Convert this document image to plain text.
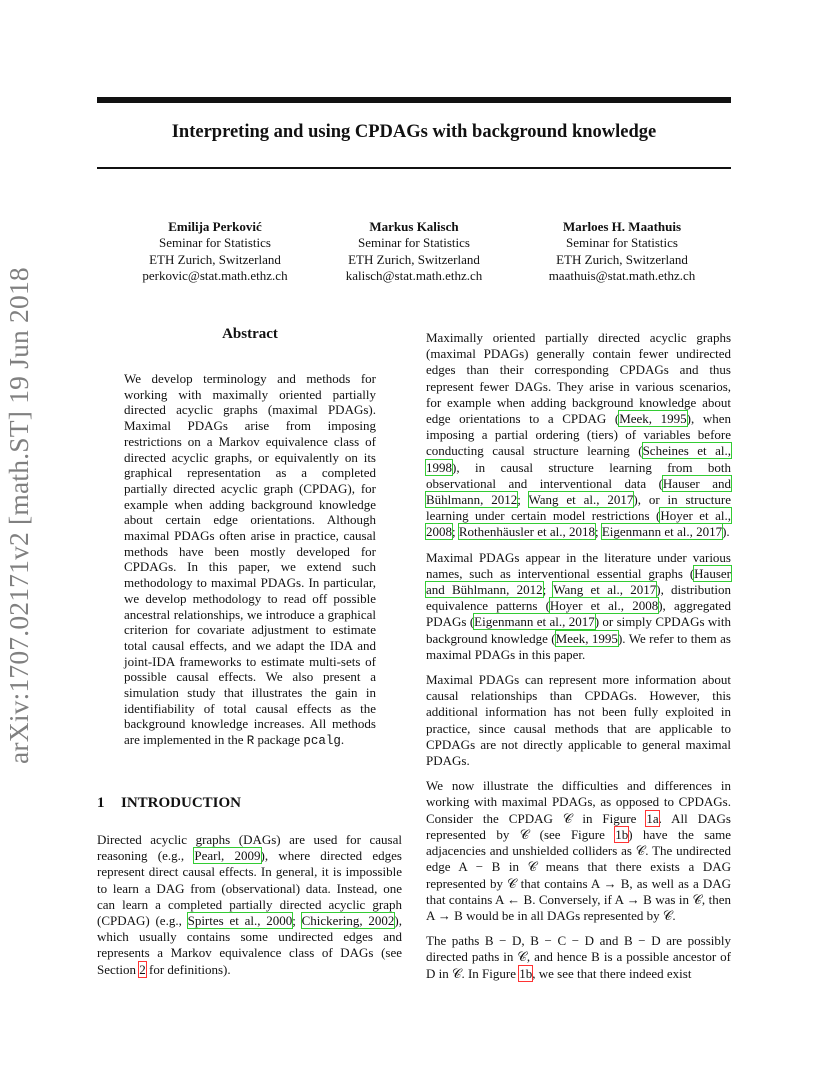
Interpreting and using CPDAGs with background knowledge
Emilija Perković
Seminar for Statistics
ETH Zurich, Switzerland
perkovic@stat.math.ethz.ch
Markus Kalisch
Seminar for Statistics
ETH Zurich, Switzerland
kalisch@stat.math.ethz.ch
Marloes H. Maathuis
Seminar for Statistics
ETH Zurich, Switzerland
maathuis@stat.math.ethz.ch
arXiv:1707.02171v2 [math.ST] 19 Jun 2018	Abstract
We develop terminology and methods for working with maximally oriented partially directed acyclic graphs (maximal PDAGs). Maximal PDAGs arise from imposing restrictions on a Markov equivalence class of directed acyclic graphs, or equivalently on its graphical representation as a completed partially directed acyclic graph (CPDAG), for example when adding background knowledge about certain edge orientations. Although maximal PDAGs often arise in practice, causal methods have been mostly developed for CPDAGs. In this paper, we extend such methodology to maximal PDAGs. In particular, we develop methodology to read off possible ancestral relationships, we introduce a graphical criterion for covariate adjustment to estimate total causal effects, and we adapt the IDA and joint-IDA frameworks to estimate multi-sets of possible causal effects. We also present a simulation study that illustrates the gain in identifiability of total causal effects as the background knowledge increases. All methods are implemented in the R package pcalg.
1 INTRODUCTION

Directed acyclic graphs (DAGs) are used for causal reasoning (e.g., Pearl, 2009), where directed edges represent direct causal effects. In general, it is impossible to learn a DAG from (observational) data. Instead, one can learn a completed partially directed acyclic graph (CPDAG) (e.g., Spirtes et al., 2000; Chickering, 2002), which usually contains some undirected edges and represents a Markov equivalence class of DAGs (see Section 2 for definitions).

Maximally oriented partially directed acyclic graphs (maximal PDAGs) generally contain fewer undirected edges than their corresponding CPDAGs and thus represent fewer DAGs. They arise in various scenarios, for example when adding background knowledge about edge orientations to a CPDAG (Meek, 1995), when imposing a partial ordering (tiers) of variables before conducting causal structure learning (Scheines et al., 1998), in causal structure learning from both observational and interventional data (Hauser and Bühlmann, 2012; Wang et al., 2017), or in structure learning under certain model restrictions (Hoyer et al., 2008; Rothenhäusler et al., 2018; Eigenmann et al., 2017).

Maximal PDAGs appear in the literature under various names, such as interventional essential graphs (Hauser and Bühlmann, 2012; Wang et al., 2017), distribution equivalence patterns (Hoyer et al., 2008), aggregated PDAGs (Eigenmann et al., 2017) or simply CPDAGs with background knowledge (Meek, 1995). We refer to them as maximal PDAGs in this paper.

Maximal PDAGs can represent more information about causal relationships than CPDAGs. However, this additional information has not been fully exploited in practice, since causal methods that are applicable to CPDAGs are not directly applicable to general maximal PDAGs.

We now illustrate the difficulties and differences in working with maximal PDAGs, as opposed to CPDAGs. Consider the CPDAG 𝒞 in Figure 1a. All DAGs represented by 𝒞 (see Figure 1b) have the same adjacencies and unshielded colliders as 𝒞. The undirected edge A − B in 𝒞 means that there exists a DAG represented by 𝒞 that contains A → B, as well as a DAG that contains A ← B. Conversely, if A → B was in 𝒞, then A → B would be in all DAGs represented by 𝒞.

The paths B − D, B − C − D and B − D are possibly directed paths in 𝒞, and hence B is a possible ancestor of D in 𝒞. In Figure 1b, we see that there indeed exist
